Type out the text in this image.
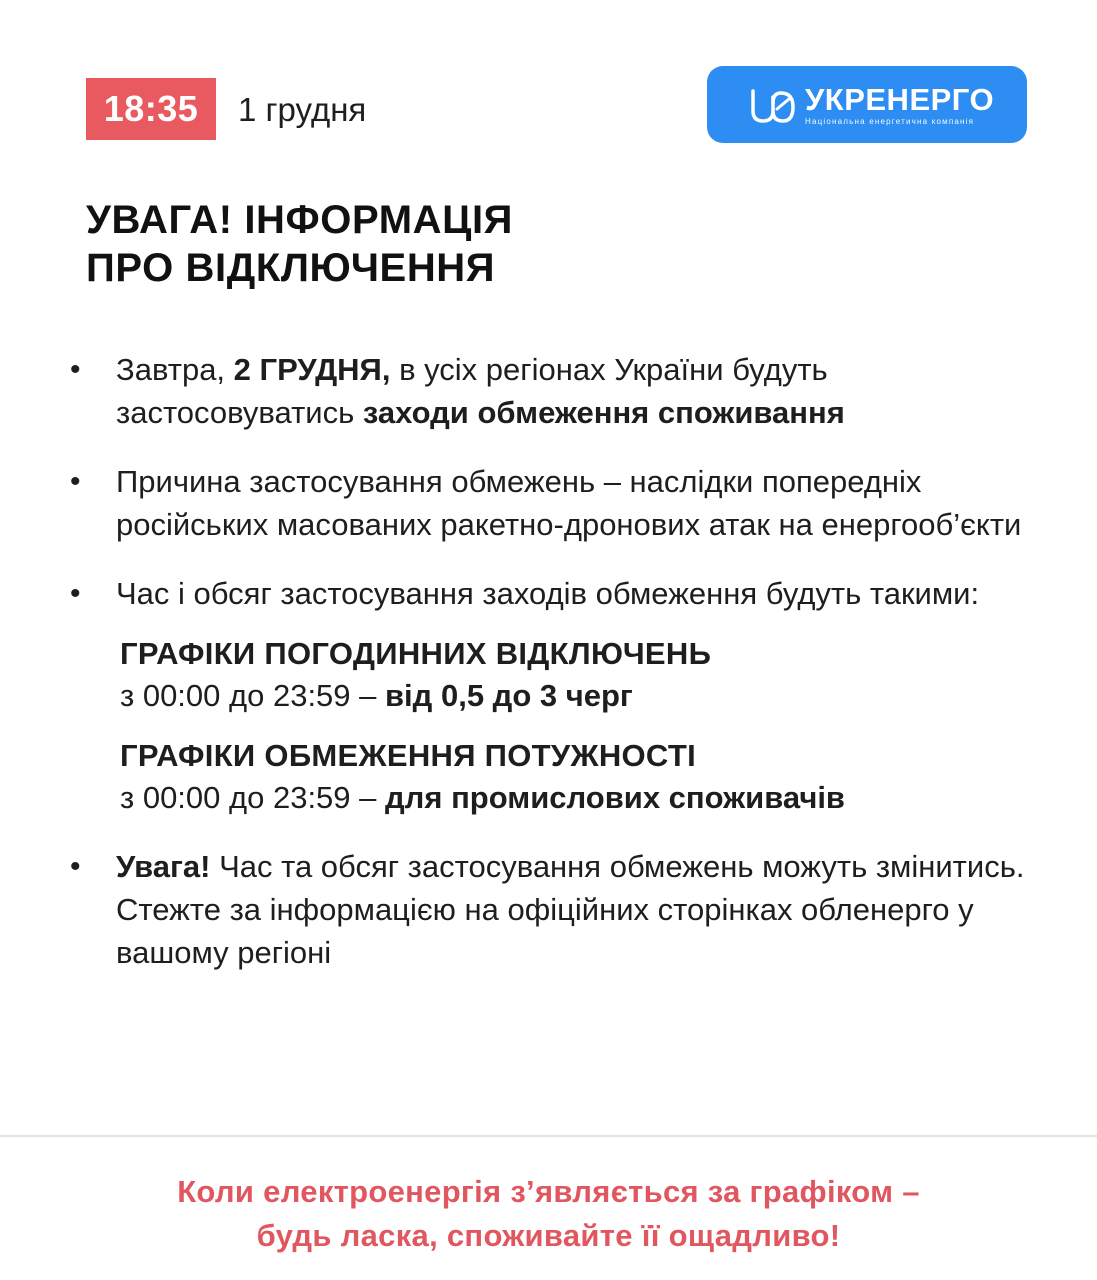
18:35 1 грудня	УКРЕНЕРГО
Національна енергетична компанія
УВАГА! ІНФОРМАЦІЯ
ПРО ВІДКЛЮЧЕННЯ
• Завтра, 2 ГРУДНЯ, в усіх регіонах України будуть застосовуватись заходи обмеження споживання
• Причина застосування обмежень – наслідки попередніх російських масованих ракетно-дронових атак на енергооб’єкти
• Час і обсяг застосування заходів обмеження будуть такими:
ГРАФІКИ ПОГОДИННИХ ВІДКЛЮЧЕНЬ
з 00:00 до 23:59 – від 0,5 до 3 черг
ГРАФІКИ ОБМЕЖЕННЯ ПОТУЖНОСТІ
з 00:00 до 23:59 – для промислових споживачів
• Увага! Час та обсяг застосування обмежень можуть змінитись. Стежте за інформацією на офіційних сторінках обленерго у вашому регіоні
Коли електроенергія з’являється за графіком –
будь ласка, споживайте її ощадливо!
